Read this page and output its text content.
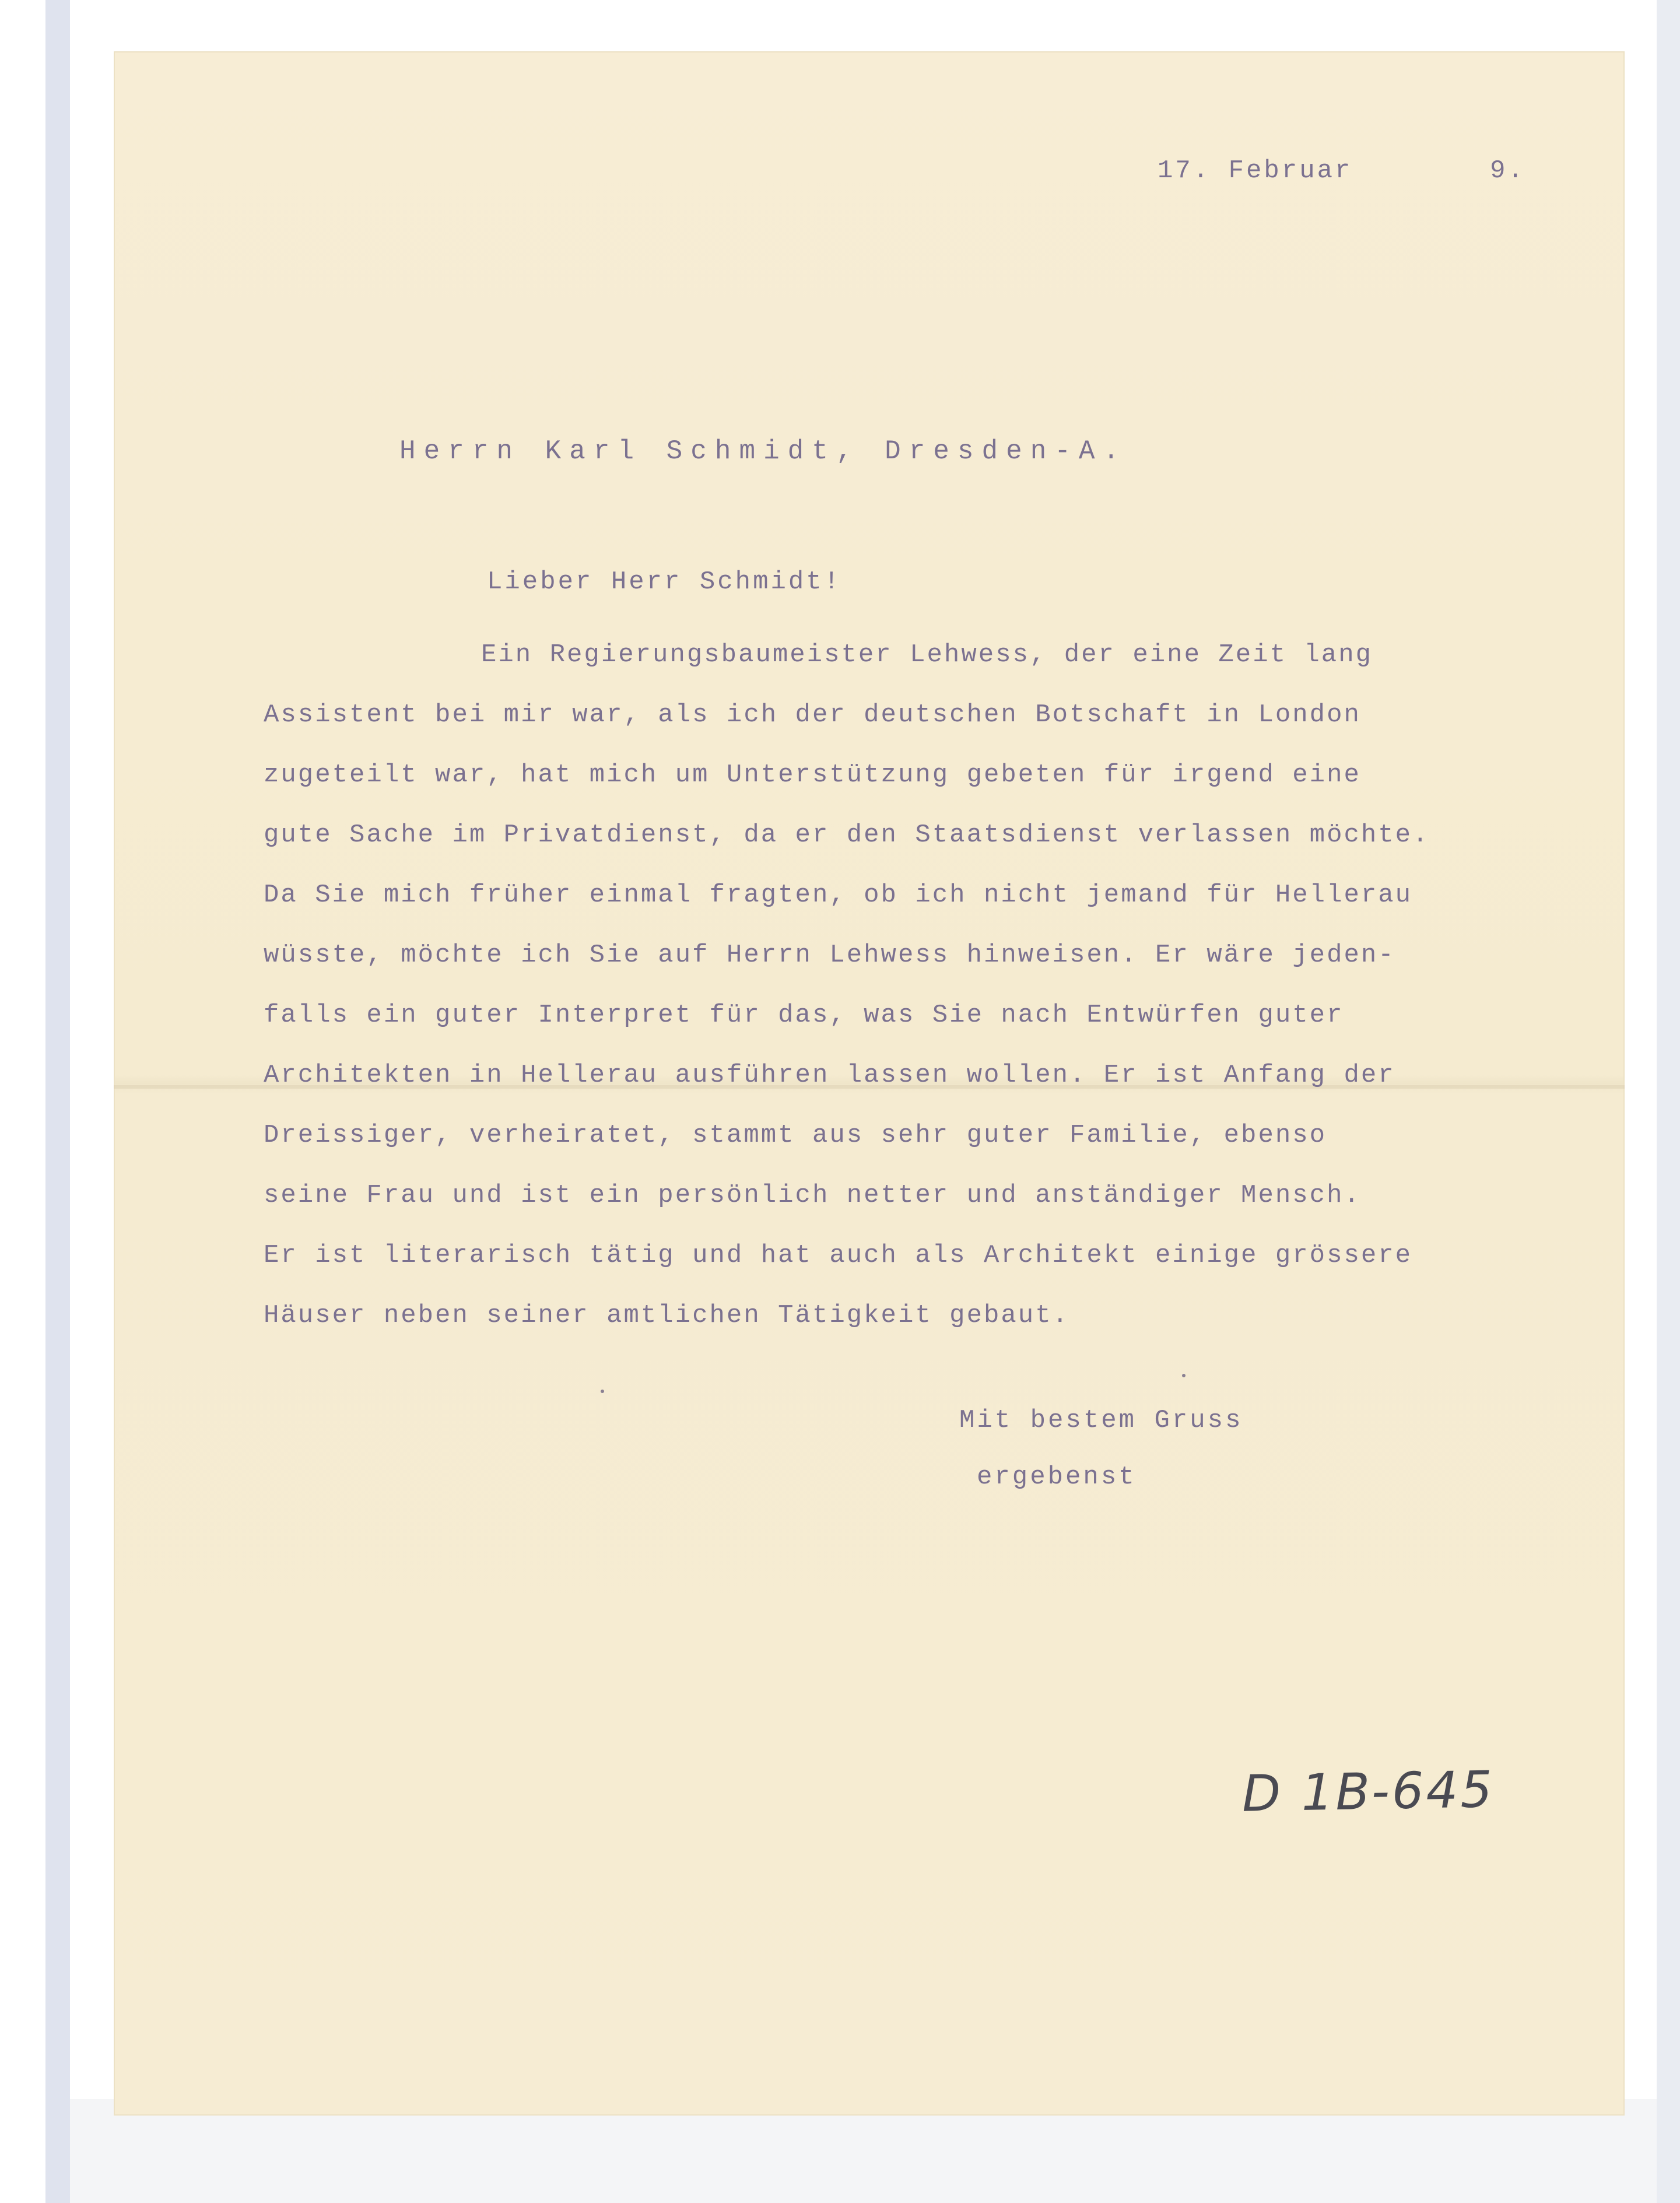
17. Februar	9.
Herrn Karl Schmidt, Dresden-A.
Lieber Herr Schmidt!
Ein Regierungsbaumeister Lehwess, der eine Zeit lang
Assistent bei mir war, als ich der deutschen Botschaft in London
zugeteilt war, hat mich um Unterstützung gebeten für irgend eine
gute Sache im Privatdienst, da er den Staatsdienst verlassen möchte.
Da Sie mich früher einmal fragten, ob ich nicht jemand für Hellerau
wüsste, möchte ich Sie auf Herrn Lehwess hinweisen. Er wäre jeden-
falls ein guter Interpret für das, was Sie nach Entwürfen guter
Architekten in Hellerau ausführen lassen wollen. Er ist Anfang der
Dreissiger, verheiratet, stammt aus sehr guter Familie, ebenso
seine Frau und ist ein persönlich netter und anständiger Mensch.
Er ist literarisch tätig und hat auch als Architekt einige grössere
Häuser neben seiner amtlichen Tätigkeit gebaut.
Mit bestem Gruss
ergebenst
D 1B-645
